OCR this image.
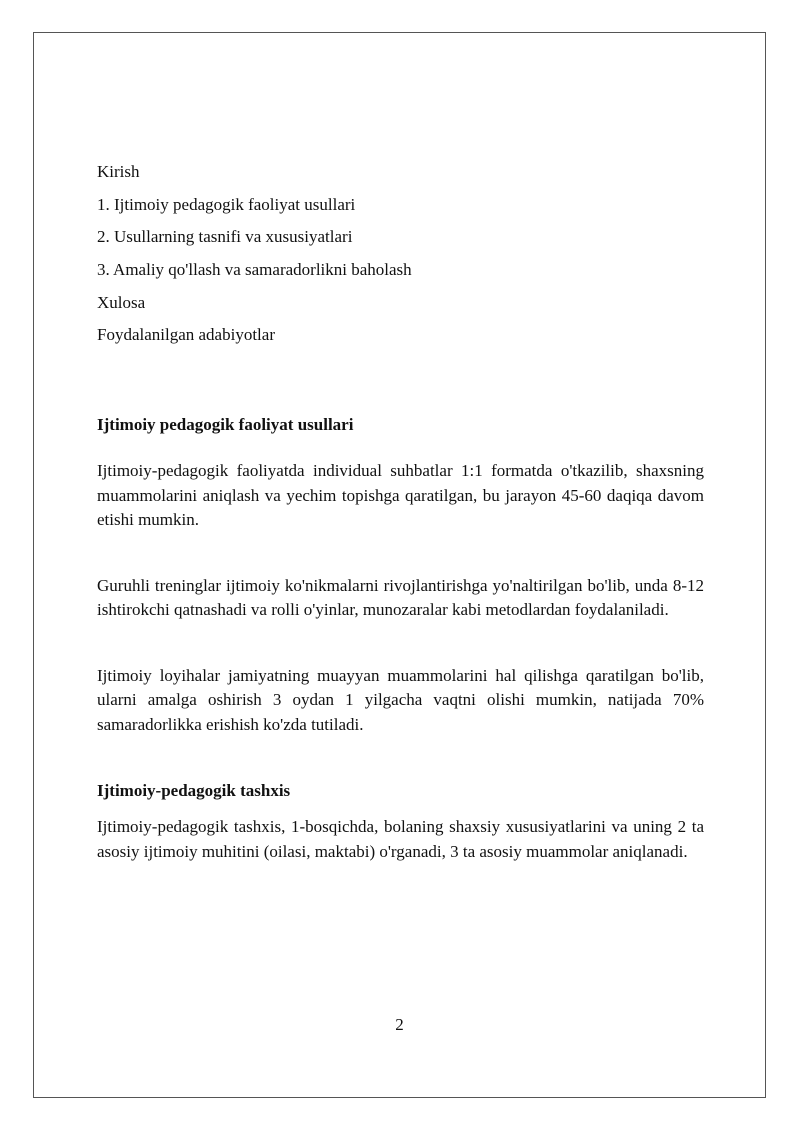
Kirish
1. Ijtimoiy pedagogik faoliyat usullari
2. Usullarning tasnifi va xususiyatlari
3. Amaliy qo'llash va samaradorlikni baholash
Xulosa
Foydalanilgan adabiyotlar
Ijtimoiy pedagogik faoliyat usullari

Ijtimoiy-pedagogik faoliyatda individual suhbatlar 1:1 formatda o'tkazilib, shaxsning muammolarini aniqlash va yechim topishga qaratilgan, bu jarayon 45-60 daqiqa davom etishi mumkin.

Guruhli treninglar ijtimoiy ko'nikmalarni rivojlantirishga yo'naltirilgan bo'lib, unda 8-12 ishtirokchi qatnashadi va rolli o'yinlar, munozaralar kabi metodlardan foydalaniladi.

Ijtimoiy loyihalar jamiyatning muayyan muammolarini hal qilishga qaratilgan bo'lib, ularni amalga oshirish 3 oydan 1 yilgacha vaqtni olishi mumkin, natijada 70% samaradorlikka erishish ko'zda tutiladi.

Ijtimoiy-pedagogik tashxis

Ijtimoiy-pedagogik tashxis, 1-bosqichda, bolaning shaxsiy xususiyatlarini va uning 2 ta asosiy ijtimoiy muhitini (oilasi, maktabi) o'rganadi, 3 ta asosiy muammolar aniqlanadi.

2
